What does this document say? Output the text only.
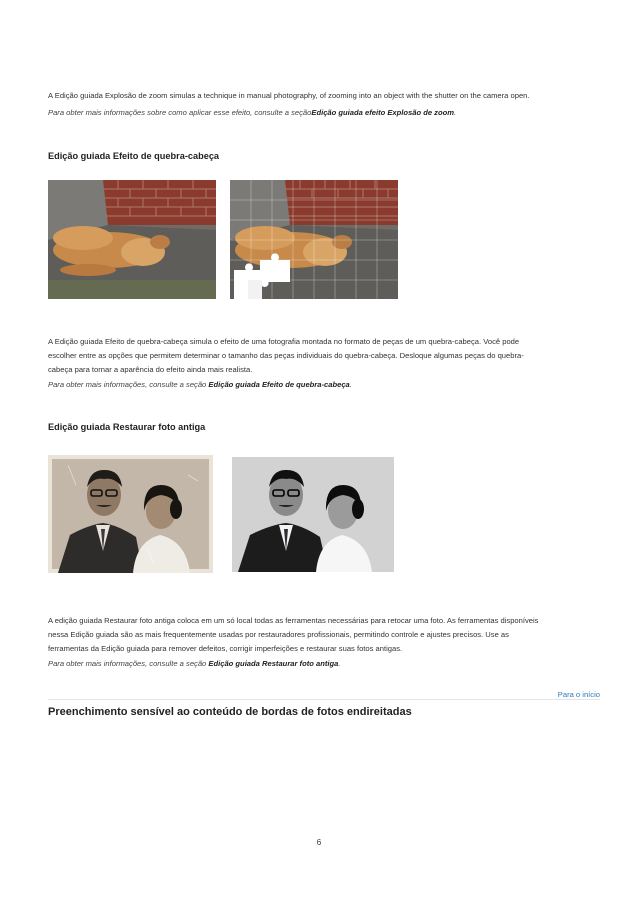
A Edição guiada Explosão de zoom simulas a technique in manual photography, of zooming into an object with the shutter on the camera open.

Para obter mais informações sobre como aplicar esse efeito, consulte a seçãoEdição guiada efeito Explosão de zoom.

Edição guiada Efeito de quebra-cabeça

A Edição guiada Efeito de quebra-cabeça simula o efeito de uma fotografia montada no formato de peças de um quebra-cabeça. Você pode
escolher entre as opções que permitem determinar o tamanho das peças individuais do quebra-cabeça. Desloque algumas peças do quebra-
cabeça para tornar a aparência do efeito ainda mais realista.

Para obter mais informações, consulte a seção Edição guiada Efeito de quebra-cabeça.

Edição guiada Restaurar foto antiga

A edição guiada Restaurar foto antiga coloca em um só local todas as ferramentas necessárias para retocar uma foto. As ferramentas disponíveis
nessa Edição guiada são as mais frequentemente usadas por restauradores profissionais, permitindo controle e ajustes precisos. Use as
ferramentas da Edição guiada para remover defeitos, corrigir imperfeições e restaurar suas fotos antigas.

Para obter mais informações, consulte a seção Edição guiada Restaurar foto antiga.

Para o início
Preenchimento sensível ao conteúdo de bordas de fotos endireitadas
6
